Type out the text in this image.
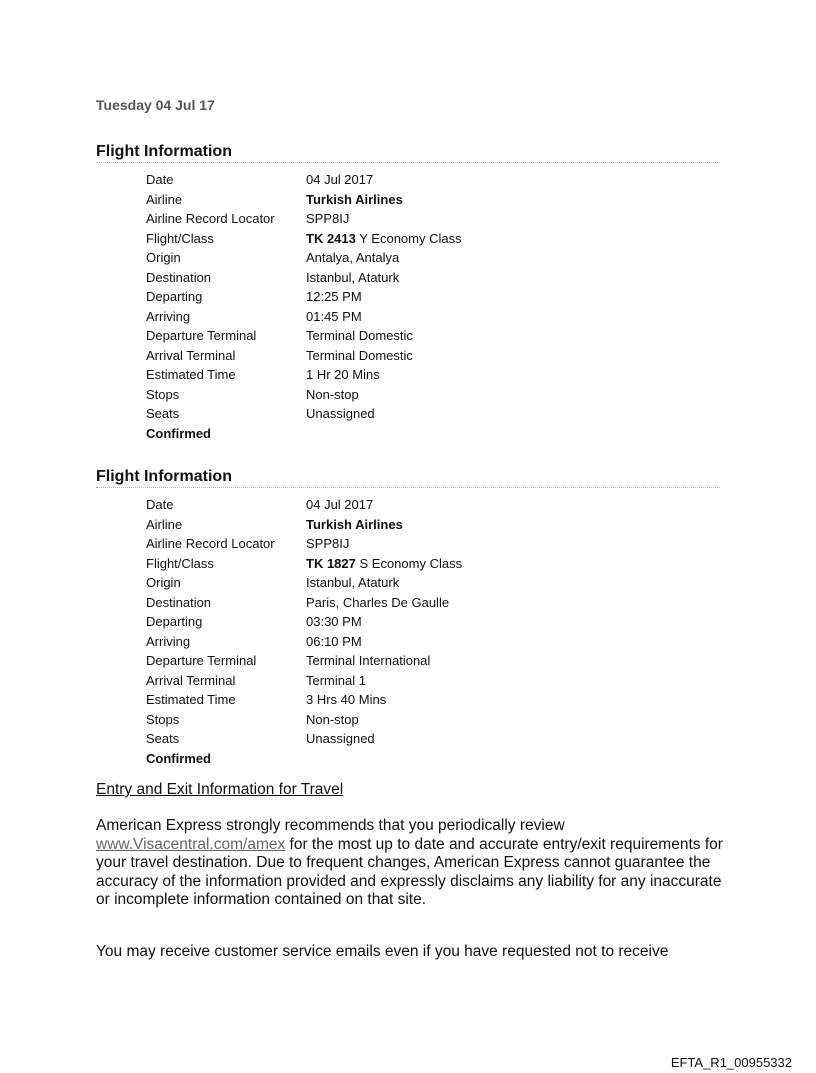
Tuesday 04 Jul 17
Flight Information
Date	04 Jul 2017
Airline	Turkish Airlines
Airline Record Locator	SPP8IJ
Flight/Class	TK 2413 Y Economy Class
Origin	Antalya, Antalya
Destination	Istanbul, Ataturk
Departing	12:25 PM
Arriving	01:45 PM
Departure Terminal	Terminal Domestic
Arrival Terminal	Terminal Domestic
Estimated Time	1 Hr 20 Mins
Stops	Non-stop
Seats	Unassigned
Confirmed
Flight Information
Date	04 Jul 2017
Airline	Turkish Airlines
Airline Record Locator	SPP8IJ
Flight/Class	TK 1827 S Economy Class
Origin	Istanbul, Ataturk
Destination	Paris, Charles De Gaulle
Departing	03:30 PM
Arriving	06:10 PM
Departure Terminal	Terminal International
Arrival Terminal	Terminal 1
Estimated Time	3 Hrs 40 Mins
Stops	Non-stop
Seats	Unassigned
Confirmed
Entry and Exit Information for Travel
American Express strongly recommends that you periodically review www.Visacentral.com/amex for the most up to date and accurate entry/exit requirements for your travel destination. Due to frequent changes, American Express cannot guarantee the accuracy of the information provided and expressly disclaims any liability for any inaccurate or incomplete information contained on that site.
You may receive customer service emails even if you have requested not to receive
EFTA_R1_00955332
